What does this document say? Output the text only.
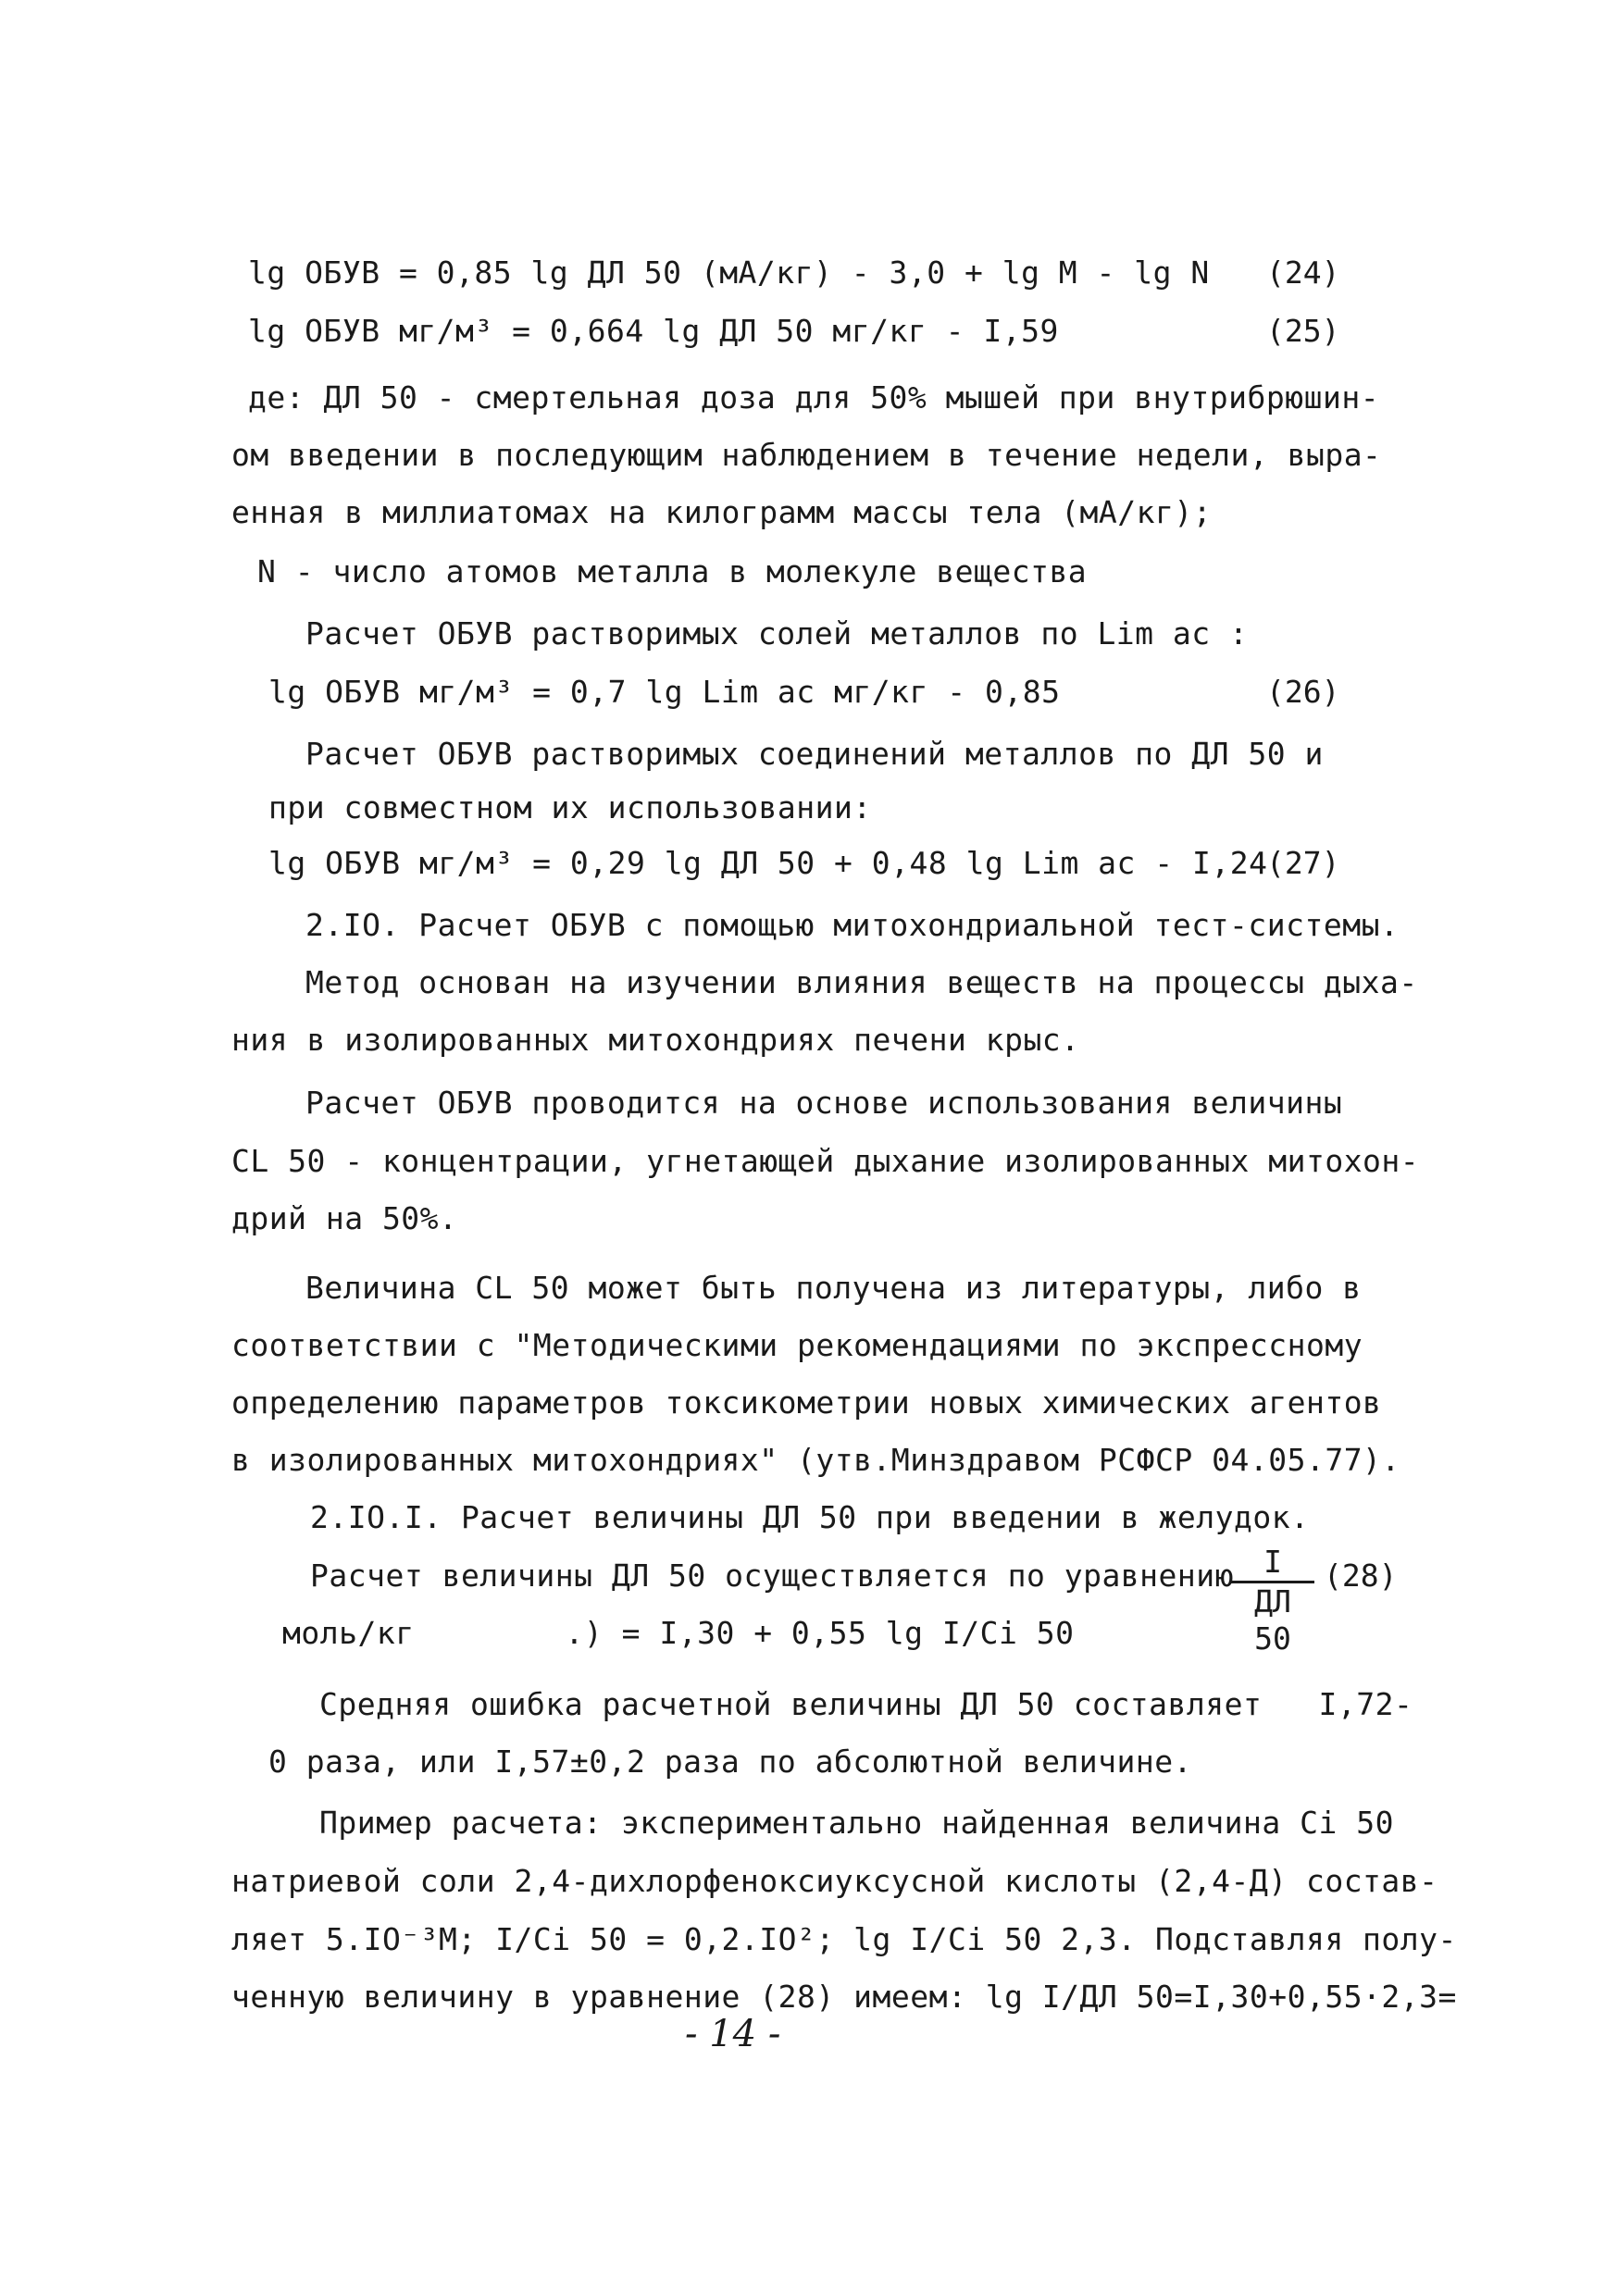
lg ОБУВ = 0,85 lg ДЛ 50 (мА/кг) - 3,0 + lg M - lg N (24)
lg ОБУВ мг/м³ = 0,664 lg ДЛ 50 мг/кг - I,59	(25)
де: ДЛ 50 - смертельная доза для 50% мышей при внутрибрюшин-
ом введении в последующим наблюдением в течение недели, выра-
енная в миллиатомах на килограмм массы тела (мА/кг);
N - число атомов металла в молекуле вещества
Расчет ОБУВ растворимых солей металлов по Lim ac :
lg ОБУВ мг/м³ = 0,7 lg Lim ac мг/кг - 0,85	(26)
Расчет ОБУВ растворимых соединений металлов по ДЛ 50 и
при совместном их использовании:
lg ОБУВ мг/м³ = 0,29 lg ДЛ 50 + 0,48 lg Lim ac - I,24
(27)
2.IO. Расчет ОБУВ с помощью митохондриальной тест-системы.
Метод основан на изучении влияния веществ на процессы дыха-
ния в изолированных митохондриях печени крыс.
Расчет ОБУВ проводится на основе использования величины
CL 50 - концентрации, угнетающей дыхание изолированных митохон-
дрий на 50%.
Величина CL 50 может быть получена из литературы, либо в
соответствии с "Методическими рекомендациями по экспрессному
определению параметров токсикометрии новых химических агентов
в изолированных митохондриях" (утв.Минздравом РСФСР 04.05.77).
2.IO.I. Расчет величины ДЛ 50 при введении в желудок.
Расчет величины ДЛ 50 осуществляется по уравнению I
ДЛ 50
(28)
моль/кг        .) = I,30 + 0,55 lg I/Ci 50
Средняя ошибка расчетной величины ДЛ 50 составляет   I,72-
0 раза, или I,57±0,2 раза по абсолютной величине.
Пример расчета: экспериментально найденная величина Ci 50
натриевой соли 2,4-дихлорфеноксиуксусной кислоты (2,4-Д) состав-
ляет 5.IO⁻³M; I/Ci 50 = 0,2.IO²; lg I/Ci 50 2,3. Подставляя полу-
ченную величину в уравнение (28) имеем: lg I/ДЛ 50=I,30+0,55·2,3=
- 14 -
